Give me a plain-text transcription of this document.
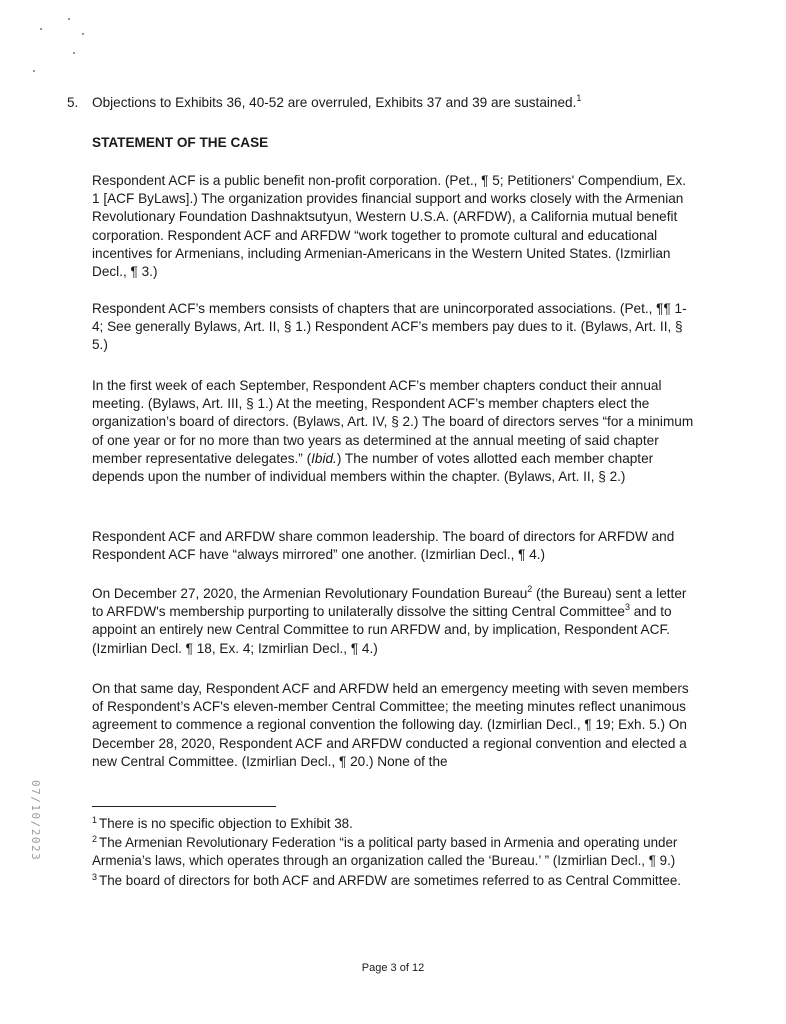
5. Objections to Exhibits 36, 40-52 are overruled, Exhibits 37 and 39 are sustained.$^1$
STATEMENT OF THE CASE

Respondent ACF is a public benefit non-profit corporation. (Pet., ¶ 5; Petitioners' Compendium, Ex. 1 [ACF ByLaws].) The organization provides financial support and works closely with the Armenian Revolutionary Foundation Dashnaktsutyun, Western U.S.A. (ARFDW), a California mutual benefit corporation. Respondent ACF and ARFDW “work together to promote cultural and educational incentives for Armenians, including Armenian-Americans in the Western United States. (Izmirlian Decl., ¶ 3.)

Respondent ACF’s members consists of chapters that are unincorporated associations. (Pet., ¶¶ 1-4; See generally Bylaws, Art. II, § 1.) Respondent ACF’s members pay dues to it. (Bylaws, Art. II, § 5.)

In the first week of each September, Respondent ACF’s member chapters conduct their annual meeting. (Bylaws, Art. III, § 1.) At the meeting, Respondent ACF’s member chapters elect the organization’s board of directors. (Bylaws, Art. IV, § 2.) The board of directors serves “for a minimum of one year or for no more than two years as determined at the annual meeting of said chapter member representative delegates.” (Ibid.) The number of votes allotted each member chapter depends upon the number of individual members within the chapter. (Bylaws, Art. II, § 2.)

Respondent ACF and ARFDW share common leadership. The board of directors for ARFDW and Respondent ACF have “always mirrored” one another. (Izmirlian Decl., ¶ 4.)

On December 27, 2020, the Armenian Revolutionary Foundation Bureau$^2$ (the Bureau) sent a letter to ARFDW's membership purporting to unilaterally dissolve the sitting Central Committee$^3$ and to appoint an entirely new Central Committee to run ARFDW and, by implication, Respondent ACF. (Izmirlian Decl. ¶ 18, Ex. 4; Izmirlian Decl., ¶ 4.)

On that same day, Respondent ACF and ARFDW held an emergency meeting with seven members of Respondent’s ACF's eleven-member Central Committee; the meeting minutes reflect unanimous agreement to commence a regional convention the following day. (Izmirlian Decl., ¶ 19; Exh. 5.) On December 28, 2020, Respondent ACF and ARFDW conducted a regional convention and elected a new Central Committee. (Izmirlian Decl., ¶ 20.) None of the

$^1$ There is no specific objection to Exhibit 38.

$^2$ The Armenian Revolutionary Federation “is a political party based in Armenia and operating under Armenia’s laws, which operates through an organization called the ‘Bureau.’ ” (Izmirlian Decl., ¶ 9.)

$^3$ The board of directors for both ACF and ARFDW are sometimes referred to as Central Committee.

07/10/2023
Page 3 of 12
